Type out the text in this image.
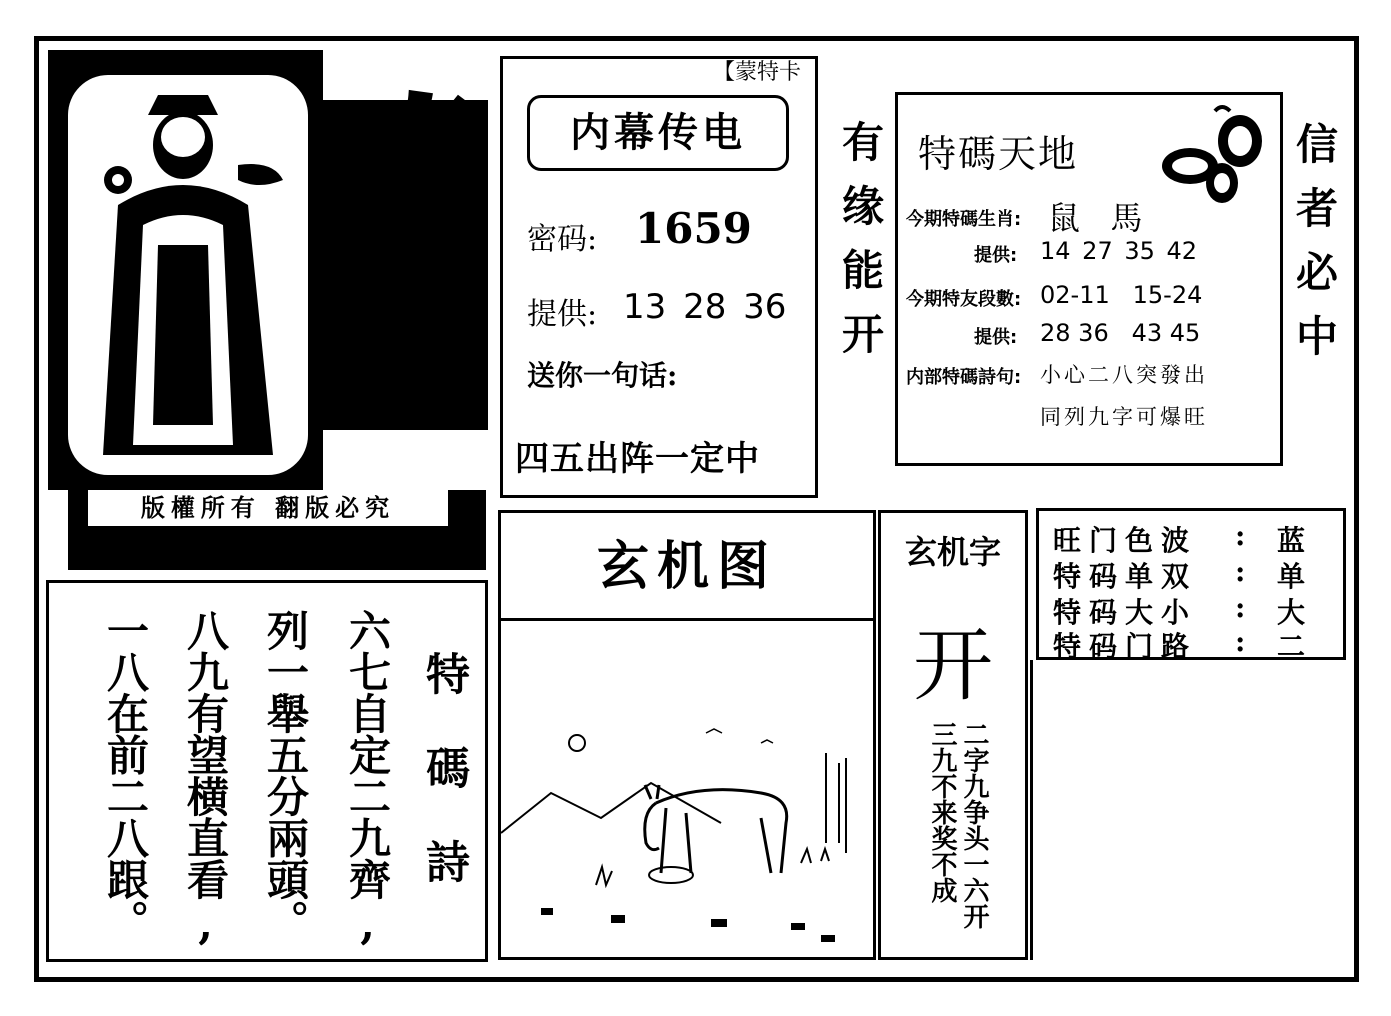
奇算
版權所有 翻版必究
【蒙特卡
内幕传电
密码: 1659
提供: 13 28 36
送你一句话:
四五出阵一定中
有缘能开	信者必中
特碼天地
今期特碼生肖: 鼠   馬
提供: 14 27 35 42
今期特友段數: 02-11   15-24
提供: 28 36   43 45
内部特碼詩句: 小心二八突發出
同列九字可爆旺
玄机图	玄机字
开
二字九争头一六开
三九不来奖不成
旺门色波 : 蓝
特码单双 : 单
特码大小 : 大
特码门路 : 二
特碼詩
六七自定二九齊,
列一舉五分兩頭。
八九有望横直看,
一八在前二八跟。
